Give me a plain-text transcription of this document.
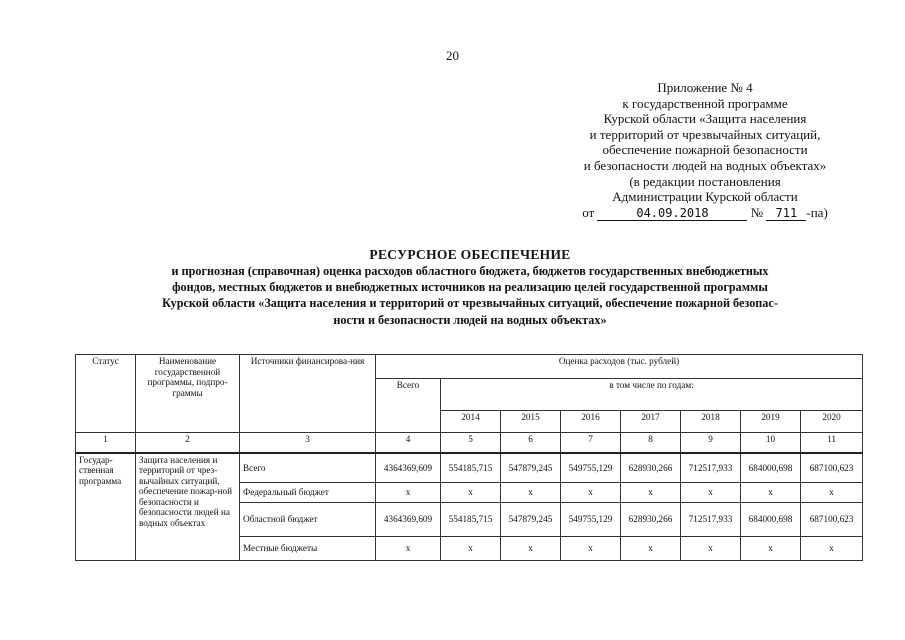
20
Приложение № 4
к государственной программе
Курской области «Защита населения
и территорий от чрезвычайных ситуаций,
обеспечение пожарной безопасности
и безопасности людей на водных объектах»
(в редакции постановления
Администрации Курской области
от	04.09.2018	№ 711 -па)
РЕСУРСНОЕ ОБЕСПЕЧЕНИЕ
и прогнозная (справочная) оценка расходов областного бюджета, бюджетов государственных внебюджетных
фондов, местных бюджетов и внебюджетных источников на реализацию целей государственной программы
Курской области «Защита населения и территорий от чрезвычайных ситуаций, обеспечение пожарной безопас-
ности и безопасности людей на водных объектах»
Статус	Наименование государственной программы, подпро-граммы	Источники финансирова-ния	Оценка расходов (тыс. рублей)							
			Всего	в том числе по годам:						
				2014	2015	2016	2017	2018	2019	2020
1	2	3	4	5	6	7	8	9	10	11
Государ-ственная программа	Защита населения и территорий от чрез-вычайных ситуаций, обеспечение пожар-ной безопасности и безопасности людей на водных объектах	Всего	4364369,609	554185,715	547879,245	549755,129	628930,266	712517,933	684000,698	687100,623
		Федеральный бюджет	х	х	х	х	х	х	х	х
		Областной бюджет	4364369,609	554185,715	547879,245	549755,129	628930,266	712517,933	684000,698	687100,623
		Местные бюджеты	х	х	х	х	х	х	х	х
